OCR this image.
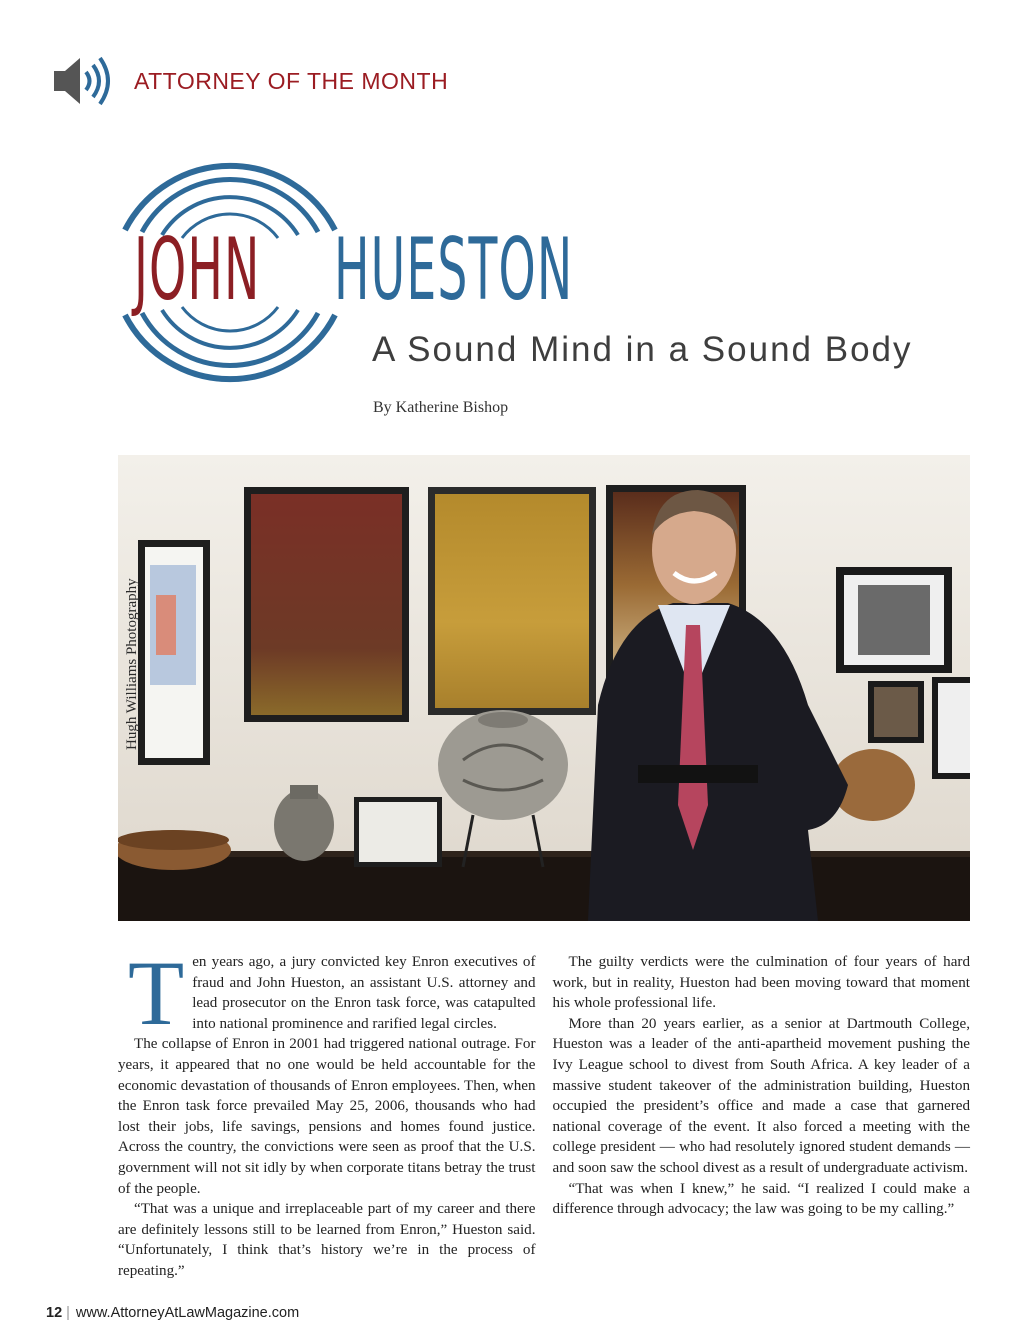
ATTORNEY OF THE MONTH
JOHN HUESTON
A Sound Mind in a Sound Body
By Katherine Bishop
Hugh Williams Photography

Ten years ago, a jury convicted key Enron executives of fraud and John Hueston, an assistant U.S. attorney and lead prosecutor on the Enron task force, was catapulted into national prominence and rarified legal circles.

The collapse of Enron in 2001 had triggered national outrage. For years, it appeared that no one would be held accountable for the economic devastation of thousands of Enron employees. Then, when the Enron task force prevailed May 25, 2006, thousands who had lost their jobs, life savings, pensions and homes found justice. Across the country, the convictions were seen as proof that the U.S. government will not sit idly by when corporate titans betray the trust of the people.

“That was a unique and irreplaceable part of my career and there are definitely lessons still to be learned from Enron,” Hueston said. “Unfortunately, I think that’s history we’re in the process of repeating.”

The guilty verdicts were the culmination of four years of hard work, but in reality, Hueston had been moving toward that moment his whole professional life.

More than 20 years earlier, as a senior at Dartmouth College, Hueston was a leader of the anti-apartheid movement pushing the Ivy League school to divest from South Africa. A key leader of a massive student takeover of the administration building, Hueston occupied the president’s office and made a case that garnered national coverage of the event. It also forced a meeting with the college president — who had resolutely ignored student demands — and soon saw the school divest as a result of undergraduate activism.

“That was when I knew,” he said. “I realized I could make a difference through advocacy; the law was going to be my calling.”

12 | www.AttorneyAtLawMagazine.com
